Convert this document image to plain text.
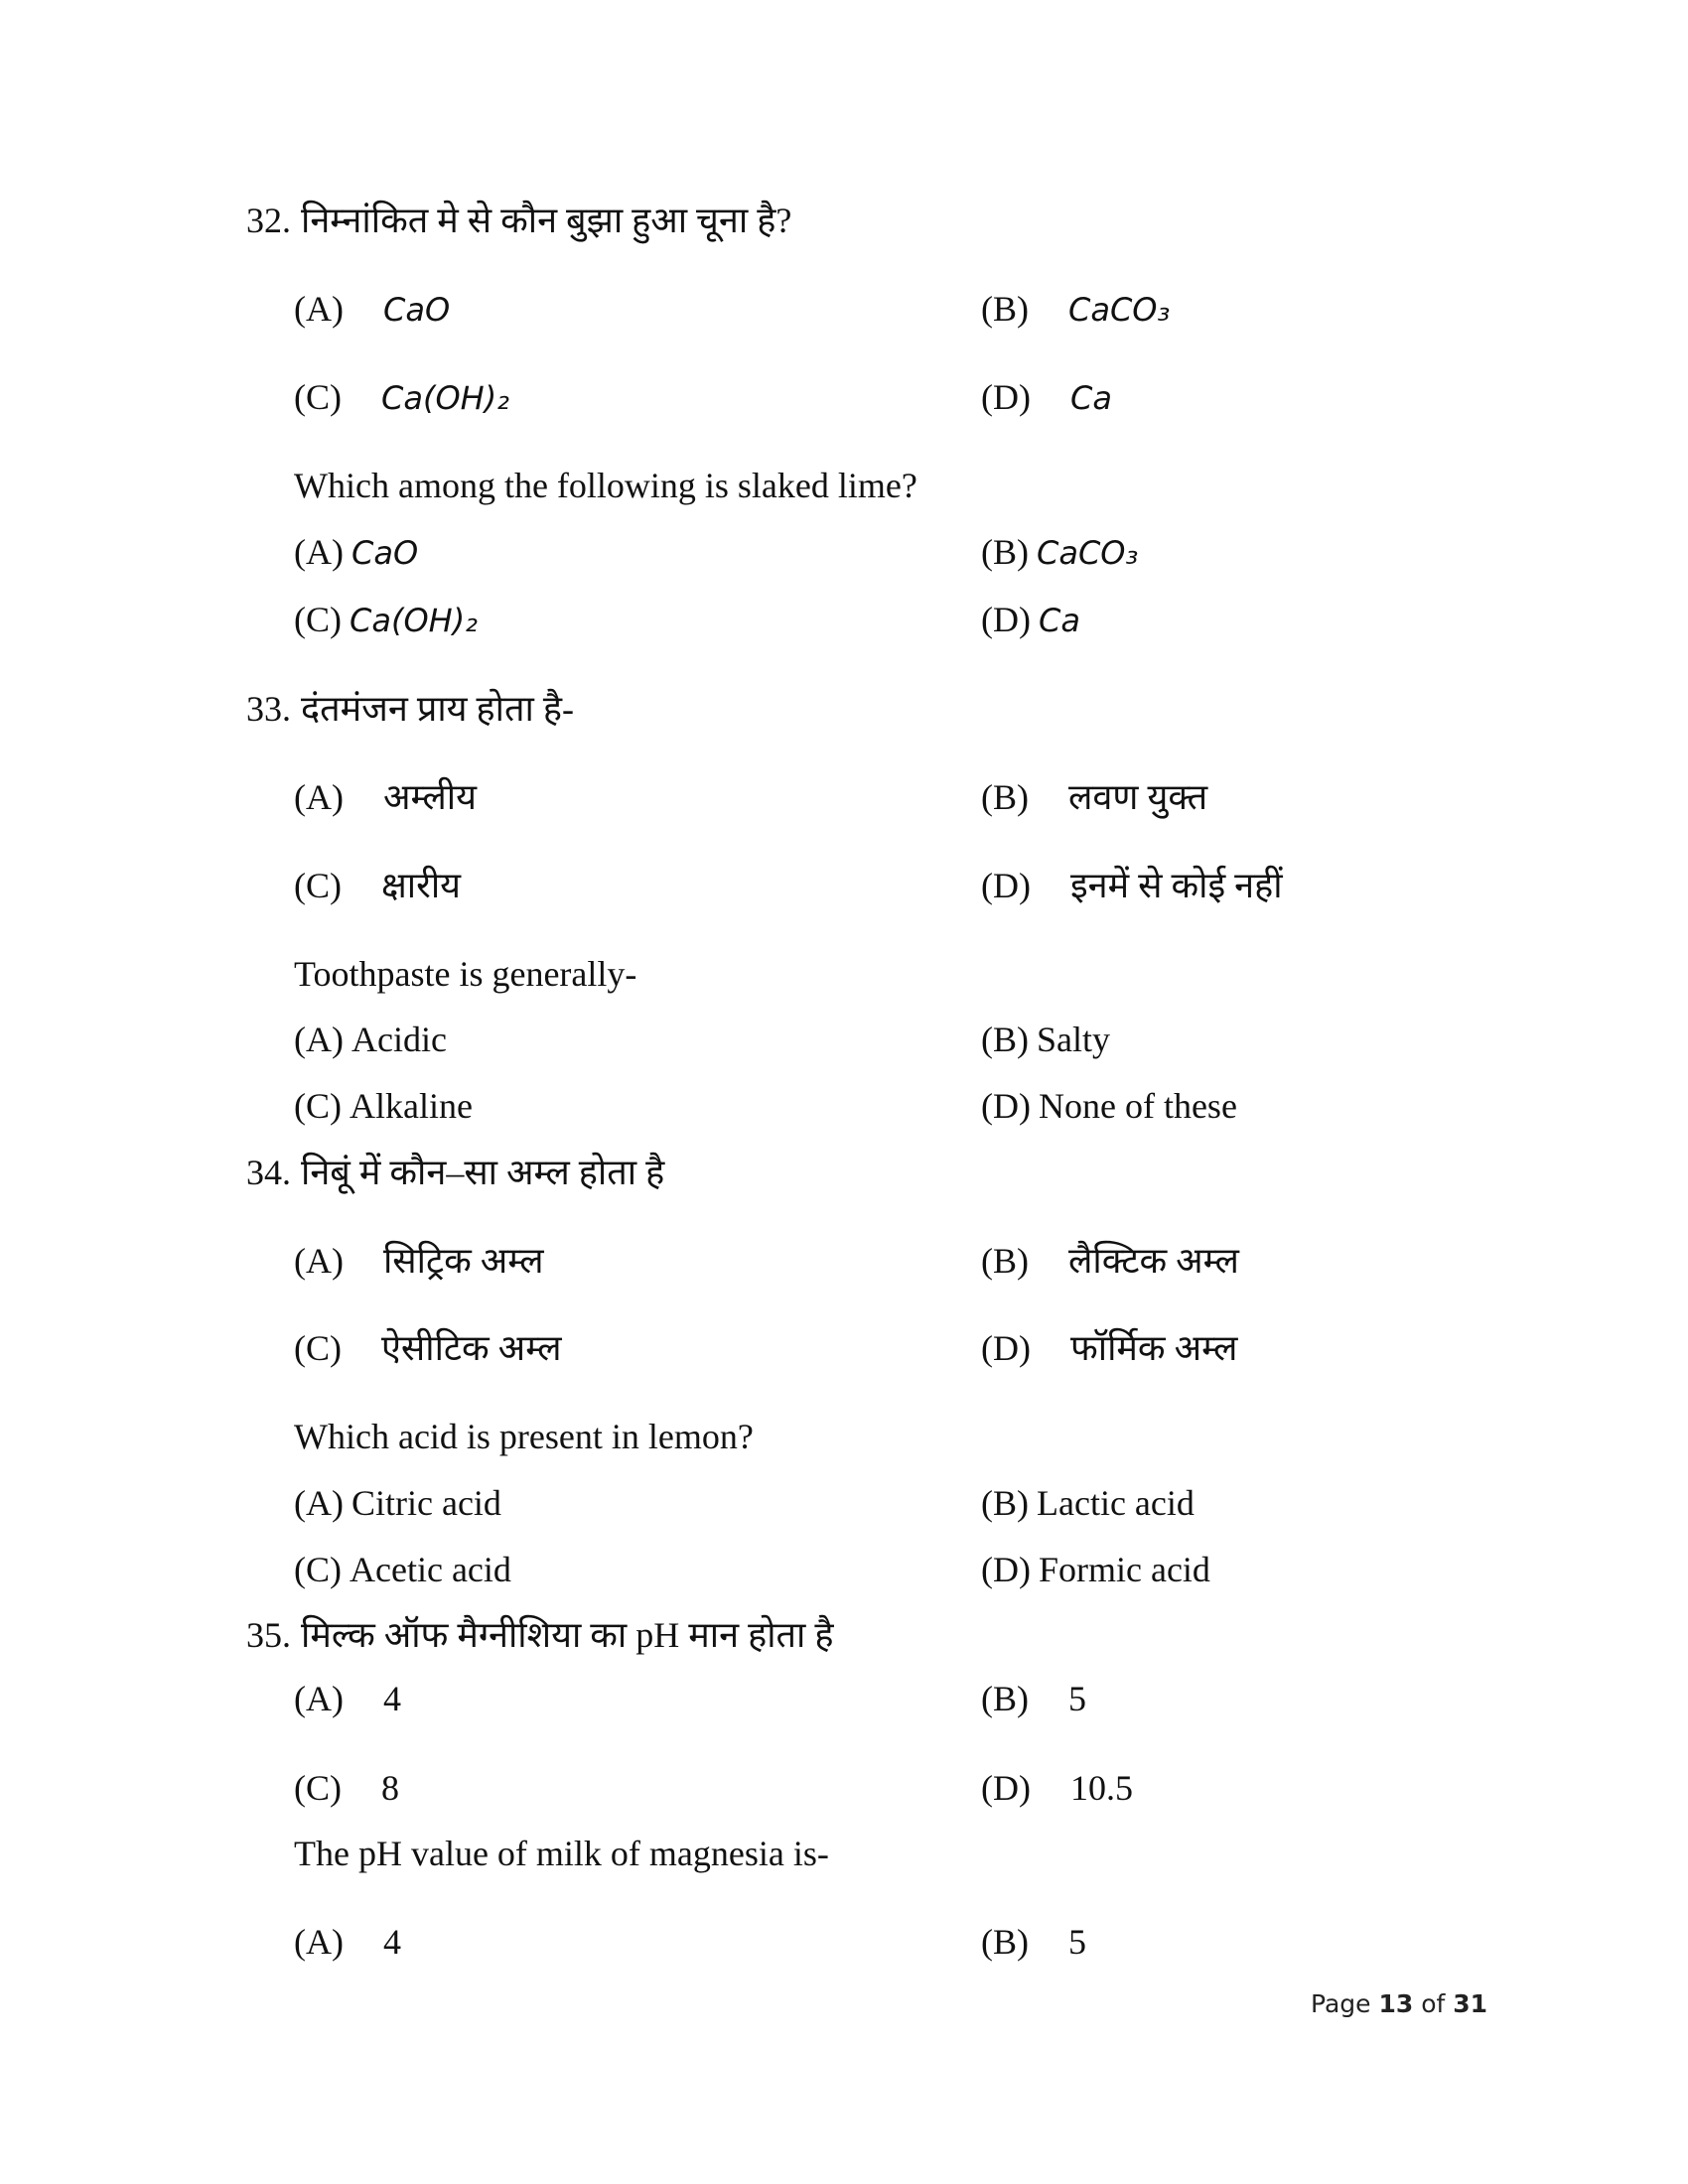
32. निम्नांकित मे से कौन बुझा हुआ चूना है?
(A) CaO	(B) CaCO₃
(C) Ca(OH)₂	(D) Ca
Which among the following is slaked lime?
(A) CaO	(B) CaCO₃
(C) Ca(OH)₂	(D) Ca
33. दंतमंजन प्राय होता है-
(A) अम्लीय	(B) लवण युक्त
(C) क्षारीय	(D) इनमें से कोई नहीं
Toothpaste is generally-
(A) Acidic	(B) Salty
(C) Alkaline	(D) None of these
34. निबूं में कौन–सा अम्ल होता है
(A) सिट्रिक अम्ल	(B) लैक्टिक अम्ल
(C) ऐसीटिक अम्ल	(D) फॉर्मिक अम्ल
Which acid is present in lemon?
(A) Citric acid	(B) Lactic acid
(C) Acetic acid	(D) Formic acid
35. मिल्क ऑफ मैग्नीशिया का pH मान होता है
(A) 4	(B) 5
(C) 8	(D) 10.5
The pH value of milk of magnesia is-
(A) 4	(B) 5
Page 13 of 31
